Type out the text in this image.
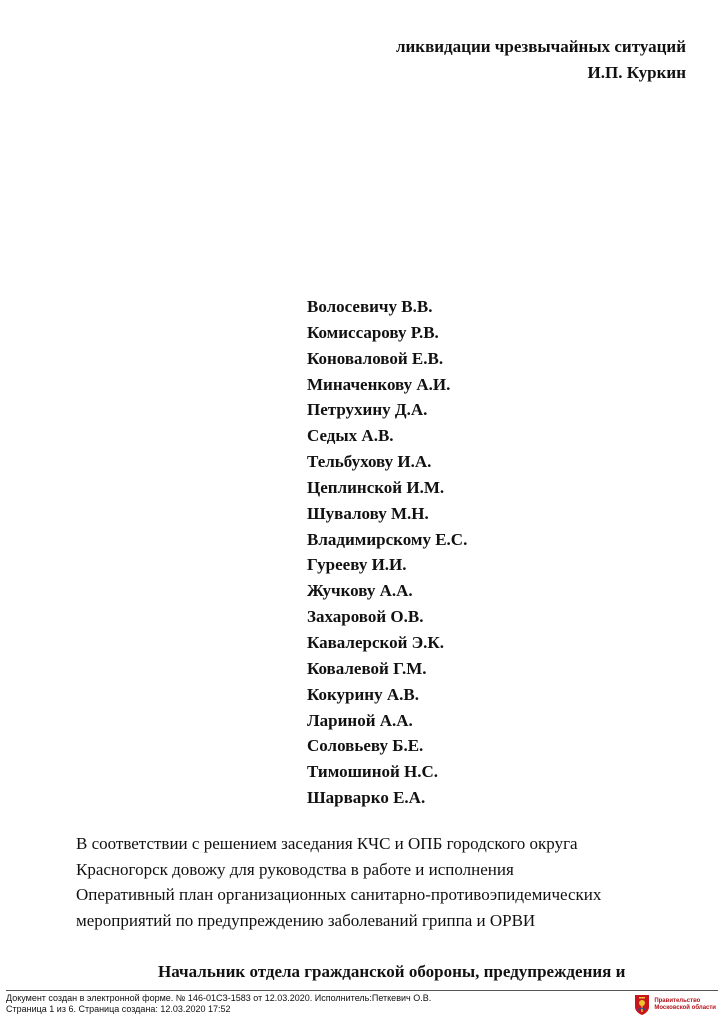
ликвидации чрезвычайных ситуаций
И.П. Куркин
Волосевичу В.В.
Комиссарову Р.В.
Коноваловой Е.В.
Миначенкову А.И.
Петрухину Д.А.
Седых А.В.
Тельбухову И.А.
Цеплинской И.М.
Шувалову М.Н.
Владимирскому Е.С.
Гурееву И.И.
Жучкову А.А.
Захаровой О.В.
Кавалерской Э.К.
Ковалевой Г.М.
Кокурину А.В.
Лариной А.А.
Соловьеву Б.Е.
Тимошиной Н.С.
Шарварко Е.А.
В соответствии с решением заседания КЧС и ОПБ городского округа
Красногорск довожу для руководства в работе и исполнения
Оперативный план организационных санитарно-противоэпидемических
мероприятий по предупреждению заболеваний гриппа и ОРВИ
Начальник отдела гражданской обороны, предупреждения и
Документ создан в электронной форме. № 146-01СЗ-1583 от 12.03.2020. Исполнитель:Петкевич О.В.
Страница 1 из 6. Страница создана: 12.03.2020 17:52
Правительство
Московской области
